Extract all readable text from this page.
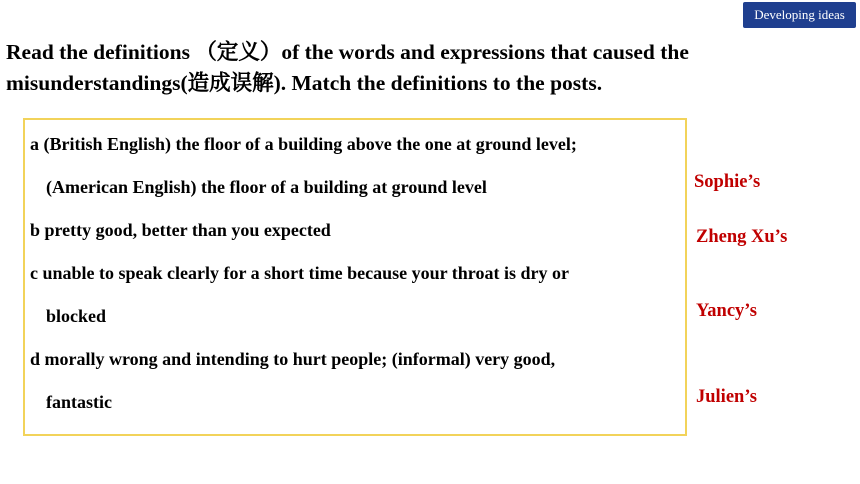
Developing ideas

Read the definitions （定义）of the words and expressions that caused the
misunderstandings(造成误解). Match the definitions to the posts.

a (British English) the floor of a building above the one at ground level;
(American English) the floor of a building at ground level
b pretty good, better than you expected
c unable to speak clearly for a short time because your throat is dry or
blocked
d morally wrong and intending to hurt people; (informal) very good,
fantastic
Sophie’s
Zheng Xu’s
Yancy’s
Julien’s
